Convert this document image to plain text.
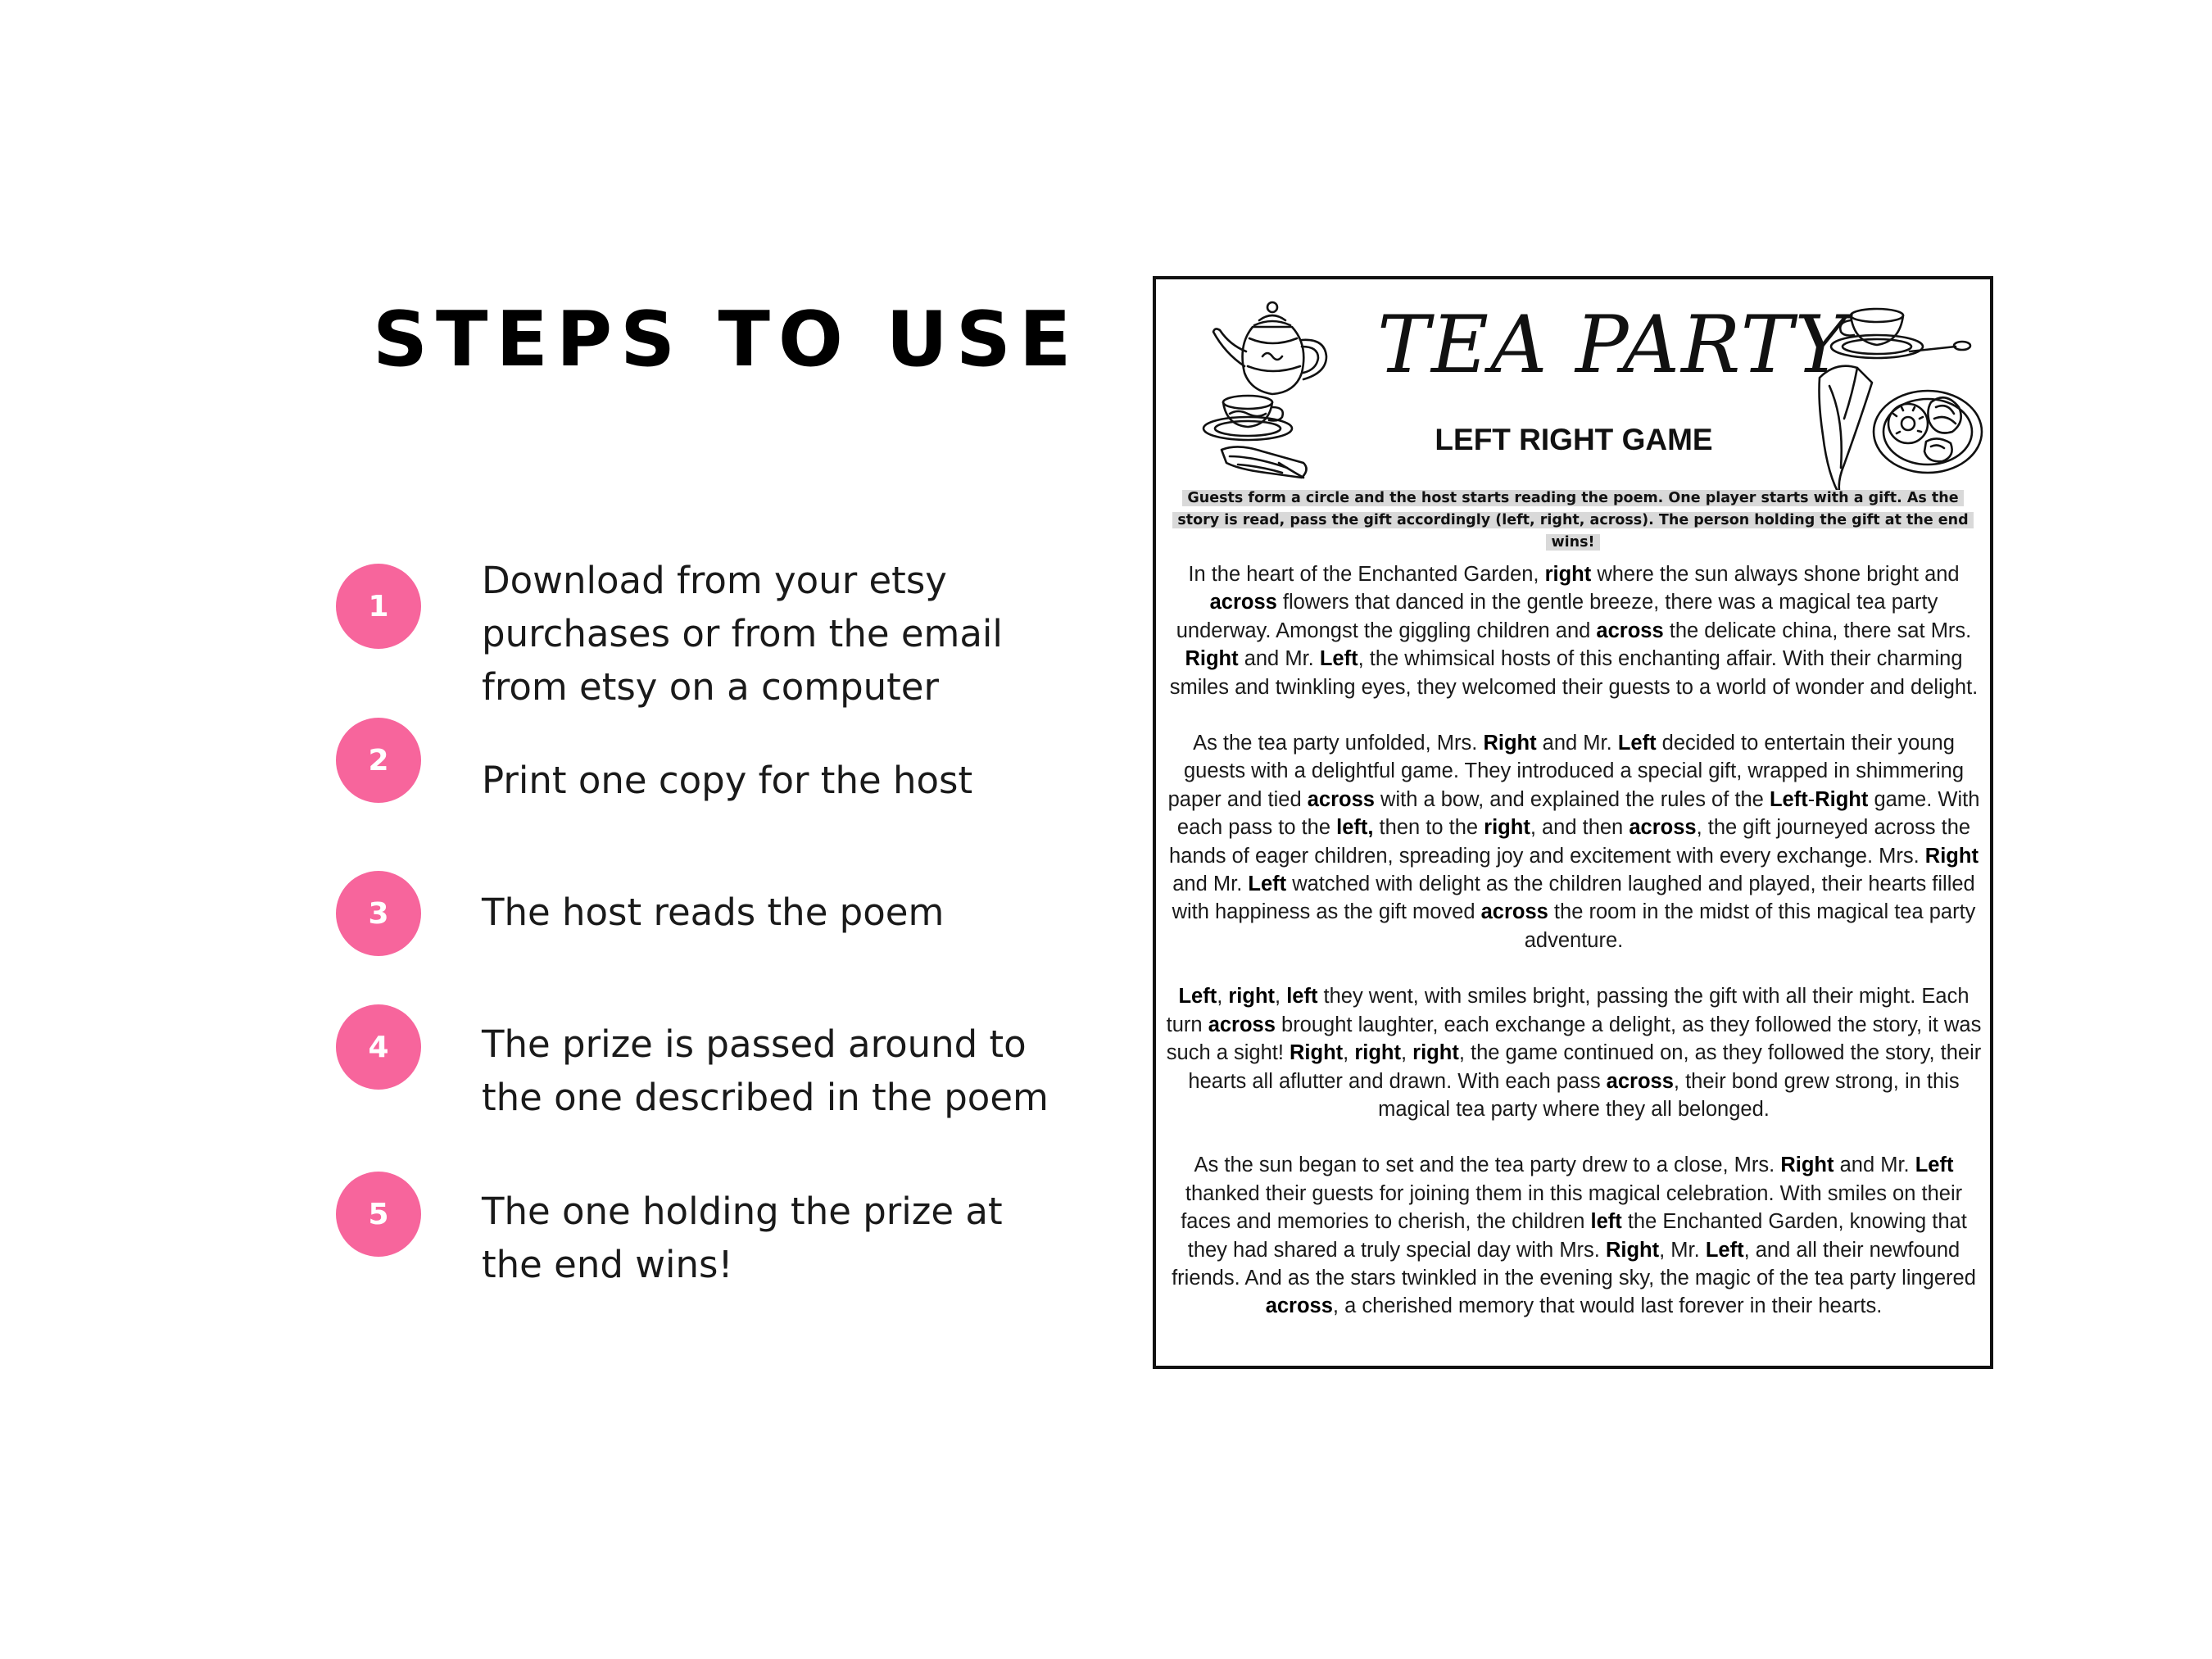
STEPS TO USE
1

Download from your etsy purchases or from the email from etsy on a computer

2	Print one copy for the host

3	The host reads the poem

4	The prize is passed around to the one described in the poem

5	The one holding the prize at the end wins!

TEA PARTY
LEFT RIGHT GAME

Guests form a circle and the host starts reading the poem. One player starts with a gift. As the story is read, pass the gift accordingly (left, right, across). The person holding the gift at the end wins!

In the heart of the Enchanted Garden, right where the sun always shone bright and across flowers that danced in the gentle breeze, there was a magical tea party underway. Amongst the giggling children and across the delicate china, there sat Mrs. Right and Mr. Left, the whimsical hosts of this enchanting affair. With their charming smiles and twinkling eyes, they welcomed their guests to a world of wonder and delight.

As the tea party unfolded, Mrs. Right and Mr. Left decided to entertain their young guests with a delightful game. They introduced a special gift, wrapped in shimmering paper and tied across with a bow, and explained the rules of the Left-Right game. With each pass to the left, then to the right, and then across, the gift journeyed across the hands of eager children, spreading joy and excitement with every exchange. Mrs. Right and Mr. Left watched with delight as the children laughed and played, their hearts filled with happiness as the gift moved across the room in the midst of this magical tea party adventure.

Left, right, left they went, with smiles bright, passing the gift with all their might. Each turn across brought laughter, each exchange a delight, as they followed the story, it was such a sight! Right, right, right, the game continued on, as they followed the story, their hearts all aflutter and drawn. With each pass across, their bond grew strong, in this magical tea party where they all belonged.

As the sun began to set and the tea party drew to a close, Mrs. Right and Mr. Left thanked their guests for joining them in this magical celebration. With smiles on their faces and memories to cherish, the children left the Enchanted Garden, knowing that they had shared a truly special day with Mrs. Right, Mr. Left, and all their newfound friends. And as the stars twinkled in the evening sky, the magic of the tea party lingered across, a cherished memory that would last forever in their hearts.
